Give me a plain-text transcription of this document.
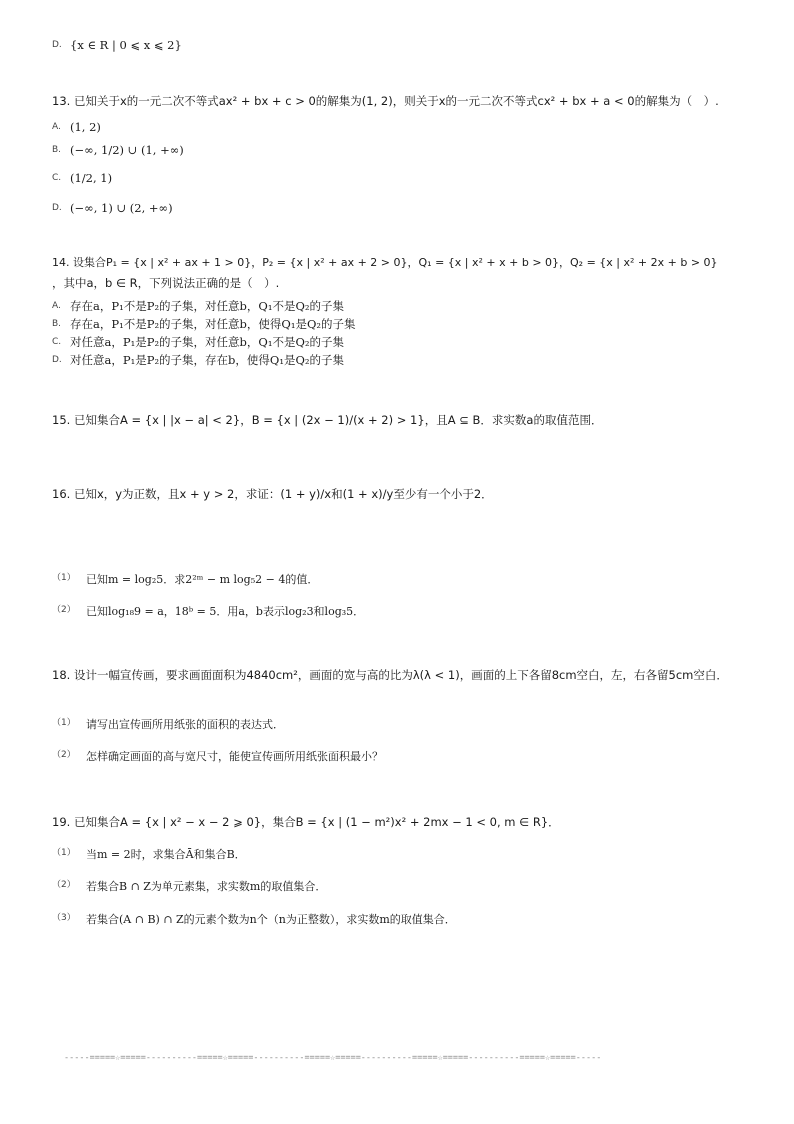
D. {x ∈ R | 0 ⩽ x ⩽ 2}
13. 已知关于x的一元二次不等式ax² + bx + c > 0的解集为(1, 2)，则关于x的一元二次不等式cx² + bx + a < 0的解集为（　）.
A. (1, 2)
B. (−∞, 1/2) ∪ (1, +∞)
C. (1/2, 1)
D. (−∞, 1) ∪ (2, +∞)
14. 设集合P₁ = {x | x² + ax + 1 > 0}，P₂ = {x | x² + ax + 2 > 0}，Q₁ = {x | x² + x + b > 0}，Q₂ = {x | x² + 2x + b > 0}
，其中a，b ∈ R，下列说法正确的是（　）.
A. 存在a，P₁不是P₂的子集，对任意b，Q₁不是Q₂的子集
B. 存在a，P₁不是P₂的子集，对任意b，使得Q₁是Q₂的子集
C. 对任意a，P₁是P₂的子集，对任意b，Q₁不是Q₂的子集
D. 对任意a，P₁是P₂的子集，存在b，使得Q₁是Q₂的子集
15. 已知集合A = {x | |x − a| < 2}，B = {x | (2x − 1)/(x + 2) > 1}，且A ⊆ B．求实数a的取值范围．
16. 已知x，y为正数，且x + y > 2，求证：(1 + y)/x和(1 + x)/y至少有一个小于2．
（1） 已知m = log₂5．求2²ᵐ − m log₅2 − 4的值．
（2） 已知log₁₈9 = a，18ᵇ = 5．用a，b表示log₂3和log₃5．
18. 设计一幅宣传画，要求画面面积为4840cm²，画面的宽与高的比为λ(λ < 1)，画面的上下各留8cm空白，左，右各留5cm空白．
（1） 请写出宣传画所用纸张的面积的表达式．
（2） 怎样确定画面的高与宽尺寸，能使宣传画所用纸张面积最小？
19. 已知集合A = {x | x² − x − 2 ⩾ 0}，集合B = {x | (1 − m²)x² + 2mx − 1 < 0, m ∈ R}．
（1） 当m = 2时，求集合Ā和集合B．
（2） 若集合B ∩ Z为单元素集，求实数m的取值集合．
（3） 若集合(A ∩ B) ∩ Z的元素个数为n个（n为正整数），求实数m的取值集合．
-----=====☆=====----------=====☆=====----------=====☆=====----------=====☆=====----------=====☆=====-----
